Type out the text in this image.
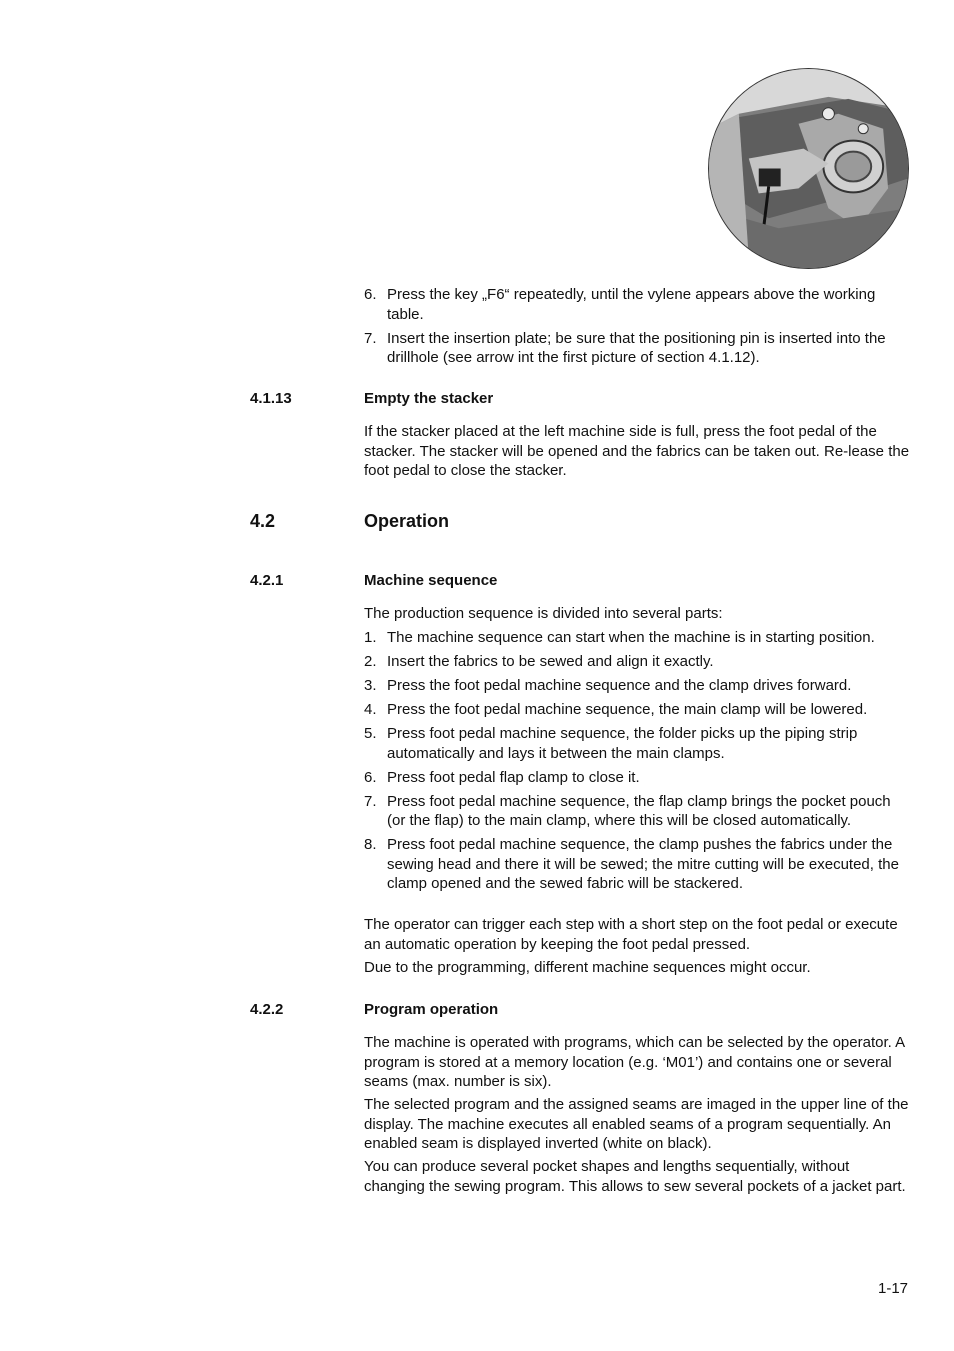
6. Press the key „F6“ repeatedly, until the vylene appears above the working table.
7. Insert the insertion plate; be sure that the positioning pin is inserted into the drillhole (see arrow int the first picture of section 4.1.12).
4.1.13	Empty the stacker

If the stacker placed at the left machine side is full, press the foot pedal of the stacker. The stacker will be opened and the fabrics can be taken out. Re-lease the foot pedal to close the stacker.

4.2	Operation
4.2.1	Machine sequence

The production sequence is divided into several parts:

1. The machine sequence can start when the machine is in starting position.
2. Insert the fabrics to be sewed and align it exactly.
3. Press the foot pedal machine sequence and the clamp drives forward.
4. Press the foot pedal machine sequence, the main clamp will be lowered.
5. Press foot pedal machine sequence, the folder picks up the piping strip automatically and lays it between the main clamps.
6. Press foot pedal flap clamp to close it.
7. Press foot pedal machine sequence, the flap clamp brings the pocket pouch (or the flap) to the main clamp, where this will be closed automatically.
8. Press foot pedal machine sequence, the clamp pushes the fabrics under the sewing head and there it will be sewed; the mitre cutting will be executed, the clamp opened and the sewed fabric will be stackered.

The operator can trigger each step with a short step on the foot pedal or execute an automatic operation by keeping the foot pedal pressed.

Due to the programming, different machine sequences might occur.

4.2.2	Program operation

The machine is operated with programs, which can be selected by the operator. A program is stored at a memory location (e.g. ‘M01’) and contains one or several seams (max. number is six).

The selected program and the assigned seams are imaged in the upper line of the display. The machine executes all enabled seams of a program sequentially. An enabled seam is displayed inverted (white on black).

You can produce several pocket shapes and lengths sequentially, without changing the sewing program. This allows to sew several pockets of a jacket part.

1-17
